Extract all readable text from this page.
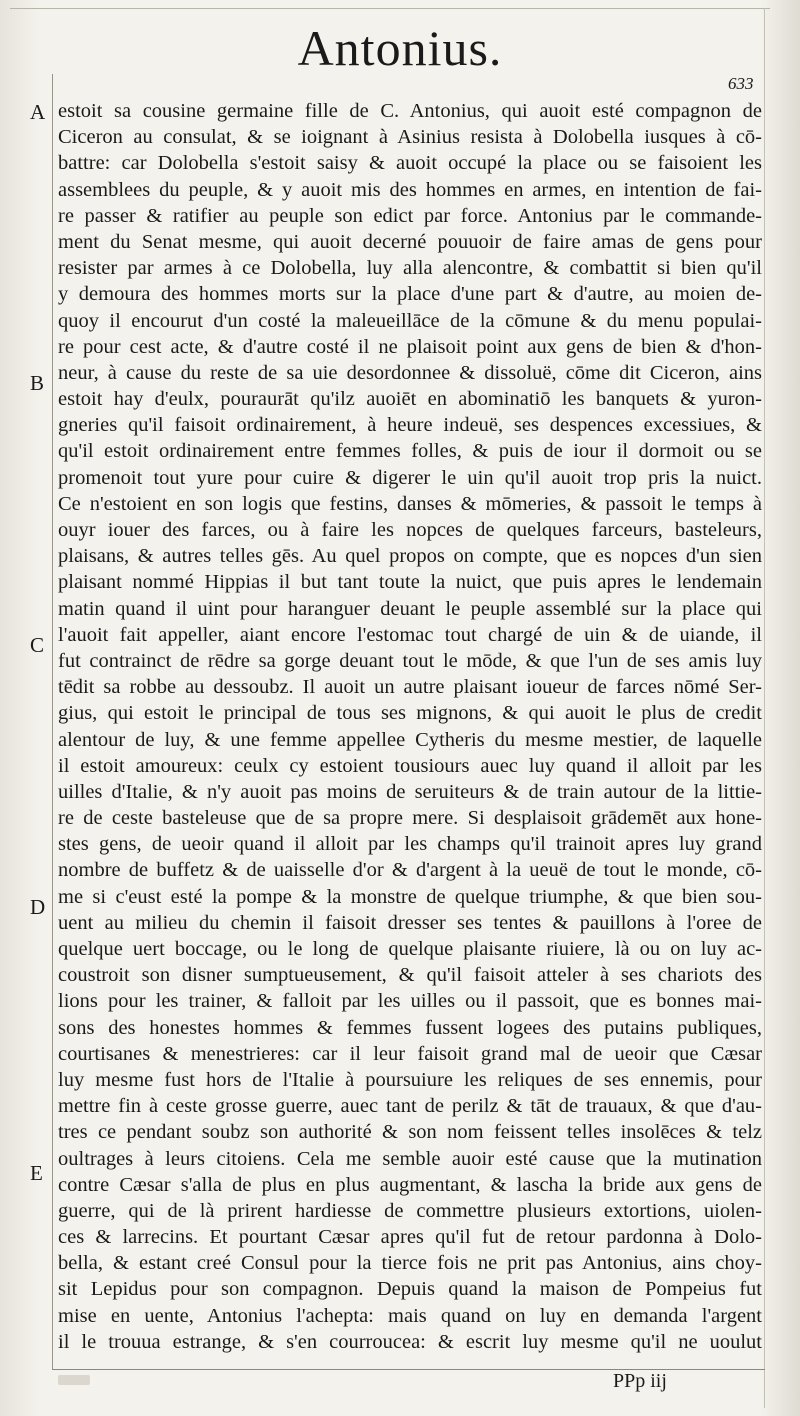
Antonius.
633
A
B
C
D
E
estoit sa cousine germaine fille de C. Antonius, qui auoit esté compagnon de
Ciceron au consulat, & se ioignant à Asinius resista à Dolobella iusques à cō-
battre: car Dolobella s'estoit saisy & auoit occupé la place ou se faisoient les
assemblees du peuple, & y auoit mis des hommes en armes, en intention de fai-
re passer & ratifier au peuple son edict par force. Antonius par le commande-
ment du Senat mesme, qui auoit decerné pouuoir de faire amas de gens pour
resister par armes à ce Dolobella, luy alla alencontre, & combattit si bien qu'il
y demoura des hommes morts sur la place d'une part & d'autre, au moien de-
quoy il encourut d'un costé la maleueillāce de la cōmune & du menu populai-
re pour cest acte, & d'autre costé il ne plaisoit point aux gens de bien & d'hon-
neur, à cause du reste de sa uie desordonnee & dissoluë, cōme dit Ciceron, ains
estoit hay d'eulx, pouraurāt qu'ilz auoiēt en abominatiō les banquets & yuron-
gneries qu'il faisoit ordinairement, à heure indeuë, ses despences excessiues, &
qu'il estoit ordinairement entre femmes folles, & puis de iour il dormoit ou se
promenoit tout yure pour cuire & digerer le uin qu'il auoit trop pris la nuict.
Ce n'estoient en son logis que festins, danses & mōmeries, & passoit le temps à
ouyr iouer des farces, ou à faire les nopces de quelques farceurs, basteleurs,
plaisans, & autres telles gēs. Au quel propos on compte, que es nopces d'un sien
plaisant nommé Hippias il but tant toute la nuict, que puis apres le lendemain
matin quand il uint pour haranguer deuant le peuple assemblé sur la place qui
l'auoit fait appeller, aiant encore l'estomac tout chargé de uin & de uiande, il
fut contrainct de rēdre sa gorge deuant tout le mōde, & que l'un de ses amis luy
tēdit sa robbe au dessoubz. Il auoit un autre plaisant ioueur de farces nōmé Ser-
gius, qui estoit le principal de tous ses mignons, & qui auoit le plus de credit
alentour de luy, & une femme appellee Cytheris du mesme mestier, de laquelle
il estoit amoureux: ceulx cy estoient tousiours auec luy quand il alloit par les
uilles d'Italie, & n'y auoit pas moins de seruiteurs & de train autour de la littie-
re de ceste basteleuse que de sa propre mere. Si desplaisoit grādemēt aux hone-
stes gens, de ueoir quand il alloit par les champs qu'il trainoit apres luy grand
nombre de buffetz & de uaisselle d'or & d'argent à la ueuë de tout le monde, cō-
me si c'eust esté la pompe & la monstre de quelque triumphe, & que bien sou-
uent au milieu du chemin il faisoit dresser ses tentes & pauillons à l'oree de
quelque uert boccage, ou le long de quelque plaisante riuiere, là ou on luy ac-
coustroit son disner sumptueusement, & qu'il faisoit atteler à ses chariots des
lions pour les trainer, & falloit par les uilles ou il passoit, que es bonnes mai-
sons des honestes hommes & femmes fussent logees des putains publiques,
courtisanes & menestrieres: car il leur faisoit grand mal de ueoir que Cæsar
luy mesme fust hors de l'Italie à poursuiure les reliques de ses ennemis, pour
mettre fin à ceste grosse guerre, auec tant de perilz & tāt de trauaux, & que d'au-
tres ce pendant soubz son authorité & son nom feissent telles insolēces & telz
oultrages à leurs citoiens. Cela me semble auoir esté cause que la mutination
contre Cæsar s'alla de plus en plus augmentant, & lascha la bride aux gens de
guerre, qui de là prirent hardiesse de commettre plusieurs extortions, uiolen-
ces & larrecins. Et pourtant Cæsar apres qu'il fut de retour pardonna à Dolo-
bella, & estant creé Consul pour la tierce fois ne prit pas Antonius, ains choy-
sit Lepidus pour son compagnon. Depuis quand la maison de Pompeius fut
mise en uente, Antonius l'achepta: mais quand on luy en demanda l'argent
il le trouua estrange, & s'en courroucea: & escrit luy mesme qu'il ne uoulut
PPp iij
